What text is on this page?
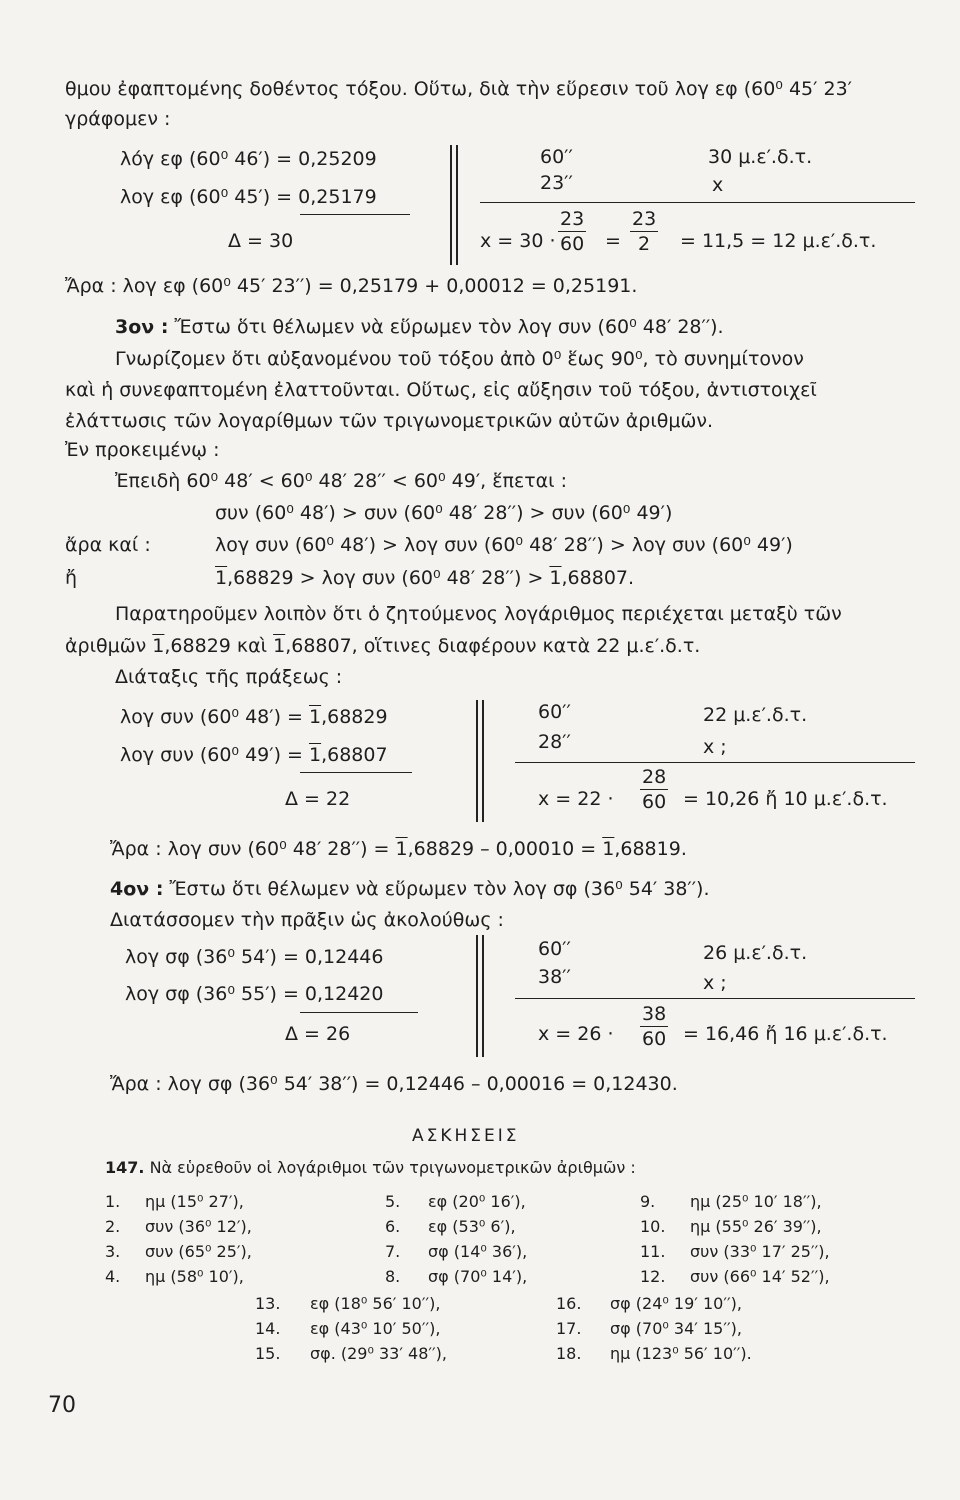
θμου ἐφαπτομένης δοθέντος τόξου. Οὕτω, διὰ τὴν εὕρεσιν τοῦ λογ εφ (60⁰ 45′ 23′
γράφομεν :
λόγ εφ (60⁰ 46′) = 0,25209
λογ εφ (60⁰ 45′) = 0,25179
Δ = 30
60′′	30 μ.ε′.δ.τ.
23′′	x
$x = 30 \cdot \frac{23}{60} = \frac{23}{2} = 11,5 = 12$ μ.ε′.δ.τ.
Ἄρα : λογ εφ (60⁰ 45′ 23′′) = 0,25179 + 0,00012 = 0,25191.
3ον : Ἔστω ὅτι θέλωμεν νὰ εὕρωμεν τὸν λογ συν (60⁰ 48′ 28′′).
Γνωρίζομεν ὅτι αὐξανομένου τοῦ τόξου ἀπὸ 0⁰ ἕως 90⁰, τὸ συνημίτονον
καὶ ἡ συνεφαπτομένη ἐλαττοῦνται. Οὕτως, εἰς αὔξησιν τοῦ τόξου, ἀντιστοιχεῖ
ἐλάττωσις τῶν λογαρίθμων τῶν τριγωνομετρικῶν αὐτῶν ἀριθμῶν.
Ἐν προκειμένῳ :
Ἐπειδὴ 60⁰ 48′ < 60⁰ 48′ 28′′ < 60⁰ 49′, ἕπεται :
συν (60⁰ 48′) > συν (60⁰ 48′ 28′′) > συν (60⁰ 49′)
ἄρα καί :	λογ συν (60⁰ 48′) > λογ συν (60⁰ 48′ 28′′) > λογ συν (60⁰ 49′)
ἤ	1,68829 > λογ συν (60⁰ 48′ 28′′) > 1,68807.
Παρατηροῦμεν λοιπὸν ὅτι ὁ ζητούμενος λογάριθμος περιέχεται μεταξὺ τῶν
ἀριθμῶν 1,68829 καὶ 1,68807, οἵτινες διαφέρουν κατὰ 22 μ.ε′.δ.τ.
Διάταξις τῆς πράξεως :
λογ συν (60⁰ 48′) = 1,68829
λογ συν (60⁰ 49′) = 1,68807
Δ = 22
60′′	22 μ.ε′.δ.τ.
28′′	x ;
$x = 22 \cdot \frac{28}{60} = 10,26$ ἤ 10 μ.ε′.δ.τ.
Ἄρα : λογ συν (60⁰ 48′ 28′′) = 1,68829 – 0,00010 = 1,68819.
4ον : Ἔστω ὅτι θέλωμεν νὰ εὕρωμεν τὸν λογ σφ (36⁰ 54′ 38′′).
Διατάσσομεν τὴν πρᾶξιν ὡς ἀκολούθως :
λογ σφ (36⁰ 54′) = 0,12446
λογ σφ (36⁰ 55′) = 0,12420
Δ = 26
60′′	26 μ.ε′.δ.τ.
38′′	x ;
$x = 26 \cdot \frac{38}{60} = 16,46$ ἤ 16 μ.ε′.δ.τ.
Ἄρα : λογ σφ (36⁰ 54′ 38′′) = 0,12446 – 0,00016 = 0,12430.
ΑΣΚΗΣΕΙΣ
147. Νὰ εὑρεθοῦν οἱ λογάριθμοι τῶν τριγωνομετρικῶν ἀριθμῶν :
1. ημ (15⁰ 27′),
2. συν (36⁰ 12′),
3. συν (65⁰ 25′),
4. ημ (58⁰ 10′),
5. εφ (20⁰ 16′),
6. εφ (53⁰ 6′),
7. σφ (14⁰ 36′),
8. σφ (70⁰ 14′),
9. ημ (25⁰ 10′ 18′′),
10. ημ (55⁰ 26′ 39′′),
11. συν (33⁰ 17′ 25′′),
12. συν (66⁰ 14′ 52′′),
13. εφ (18⁰ 56′ 10′′),
14. εφ (43⁰ 10′ 50′′),
15. σφ. (29⁰ 33′ 48′′),
16. σφ (24⁰ 19′ 10′′),
17. σφ (70⁰ 34′ 15′′),
18. ημ (123⁰ 56′ 10′′).
70
